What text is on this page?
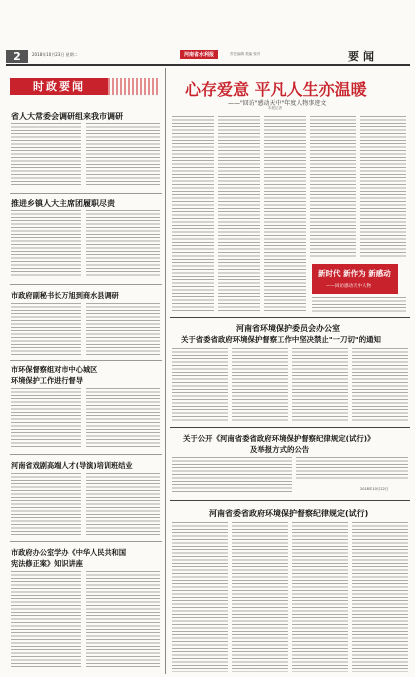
2	2018年10月23日 星期二	河南省水利报	责任编辑 美编 校对	要闻
时政要闻
省人大常委会调研组来我市调研
推进乡镇人大主席团履职尽责
市政府副秘书长万旭到商水县调研
市环保督察组对市中心城区
环境保护工作进行督导
河南省戏剧高端人才(导演)培训班结业
市政府办公室学办《中华人民共和国
宪法修正案》知识讲座
心存爱意 平凡人生亦温暖
——"回访"感动天中"年度人物事迹文
本报记者
新时代 新作为 新感动
——回访感动天中人物
河南省环境保护委员会办公室
关于省委省政府环境保护督察工作中坚决禁止"一刀切"的通知
关于公开《河南省委省政府环境保护督察纪律规定(试行)》
及举报方式的公告
2018年10月22日
河南省委省政府环境保护督察纪律规定(试行)
